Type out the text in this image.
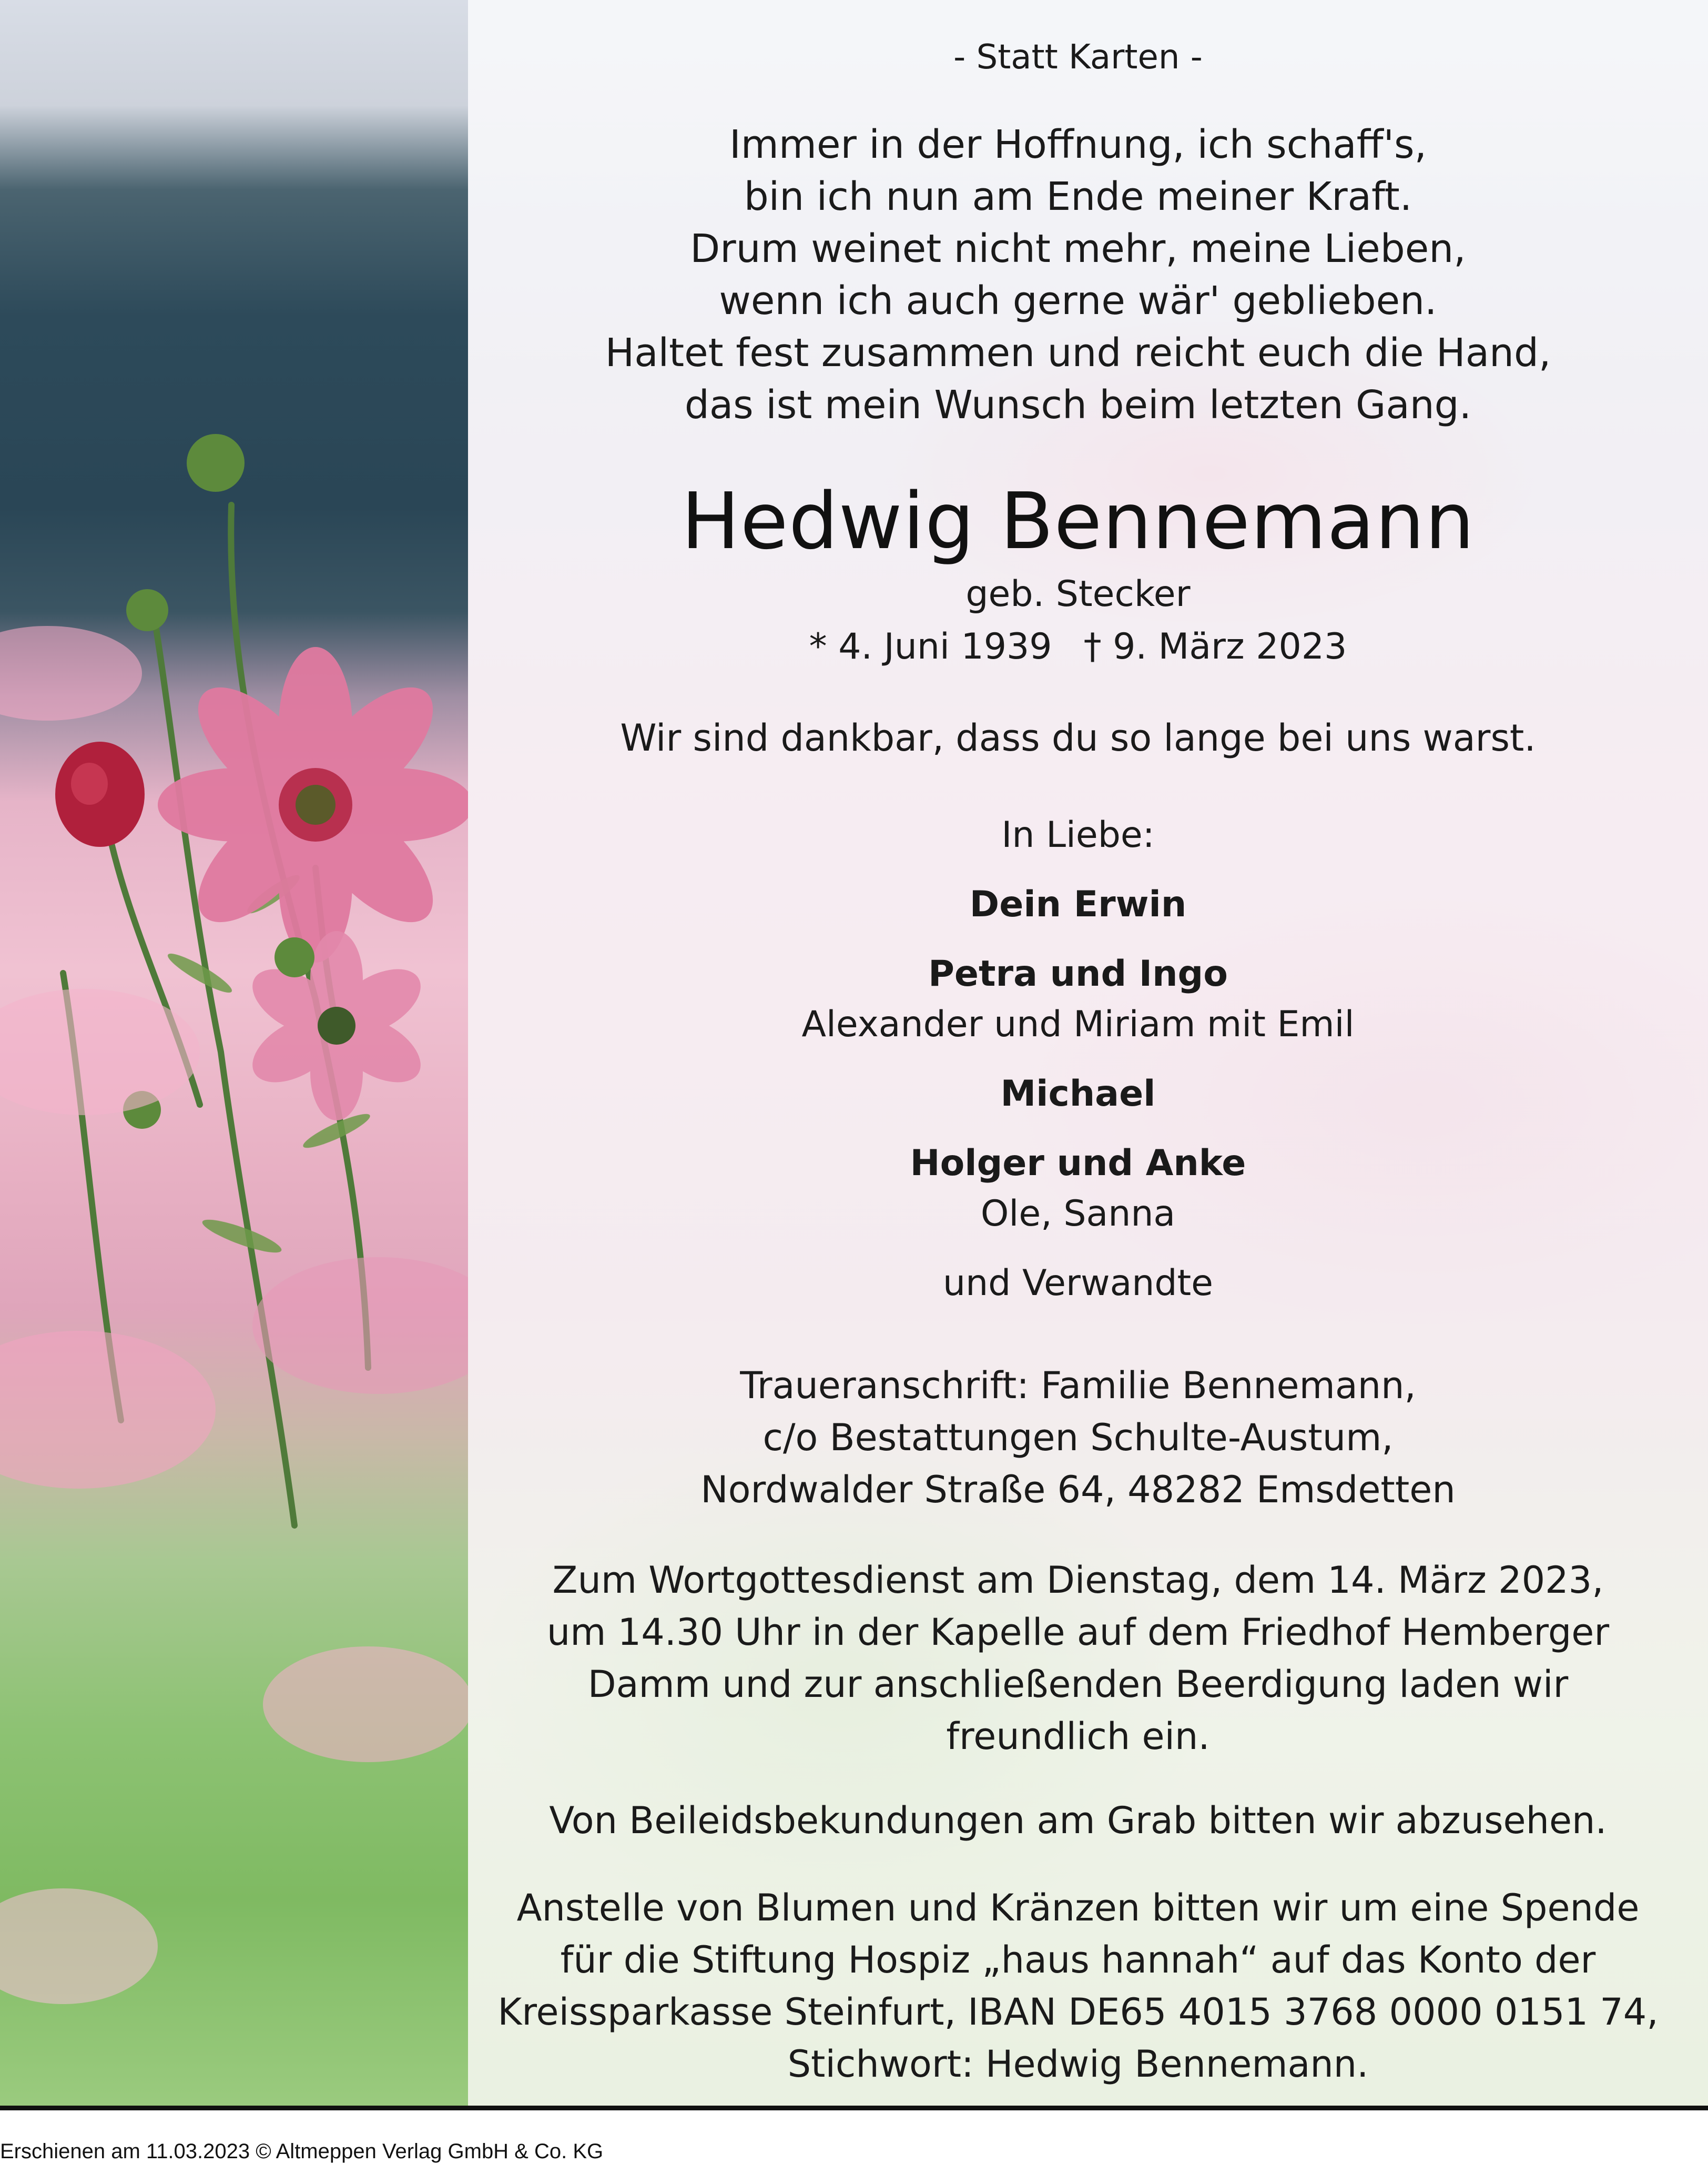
- Statt Karten -

Immer in der Hoffnung, ich schaff's,

bin ich nun am Ende meiner Kraft.

Drum weinet nicht mehr, meine Lieben,

wenn ich auch gerne wär' geblieben.

Haltet fest zusammen und reicht euch die Hand,

das ist mein Wunsch beim letzten Gang.

Hedwig Bennemann
geb. Stecker
* 4. Juni 1939 † 9. März 2023
Wir sind dankbar, dass du so lange bei uns warst.

In Liebe:

Dein Erwin

Petra und Ingo

Alexander und Miriam mit Emil

Michael

Holger und Anke

Ole, Sanna

und Verwandte

Traueranschrift: Familie Bennemann,

c/o Bestattungen Schulte-Austum,

Nordwalder Straße 64, 48282 Emsdetten

Zum Wortgottesdienst am Dienstag, dem 14. März 2023,

um 14.30 Uhr in der Kapelle auf dem Friedhof Hemberger

Damm und zur anschließenden Beerdigung laden wir

freundlich ein.

Von Beileidsbekundungen am Grab bitten wir abzusehen.

Anstelle von Blumen und Kränzen bitten wir um eine Spende

für die Stiftung Hospiz „haus hannah“ auf das Konto der

Kreissparkasse Steinfurt, IBAN DE65 4015 3768 0000 0151 74,

Stichwort: Hedwig Bennemann.

Erschienen am 11.03.2023 © Altmeppen Verlag GmbH & Co. KG
